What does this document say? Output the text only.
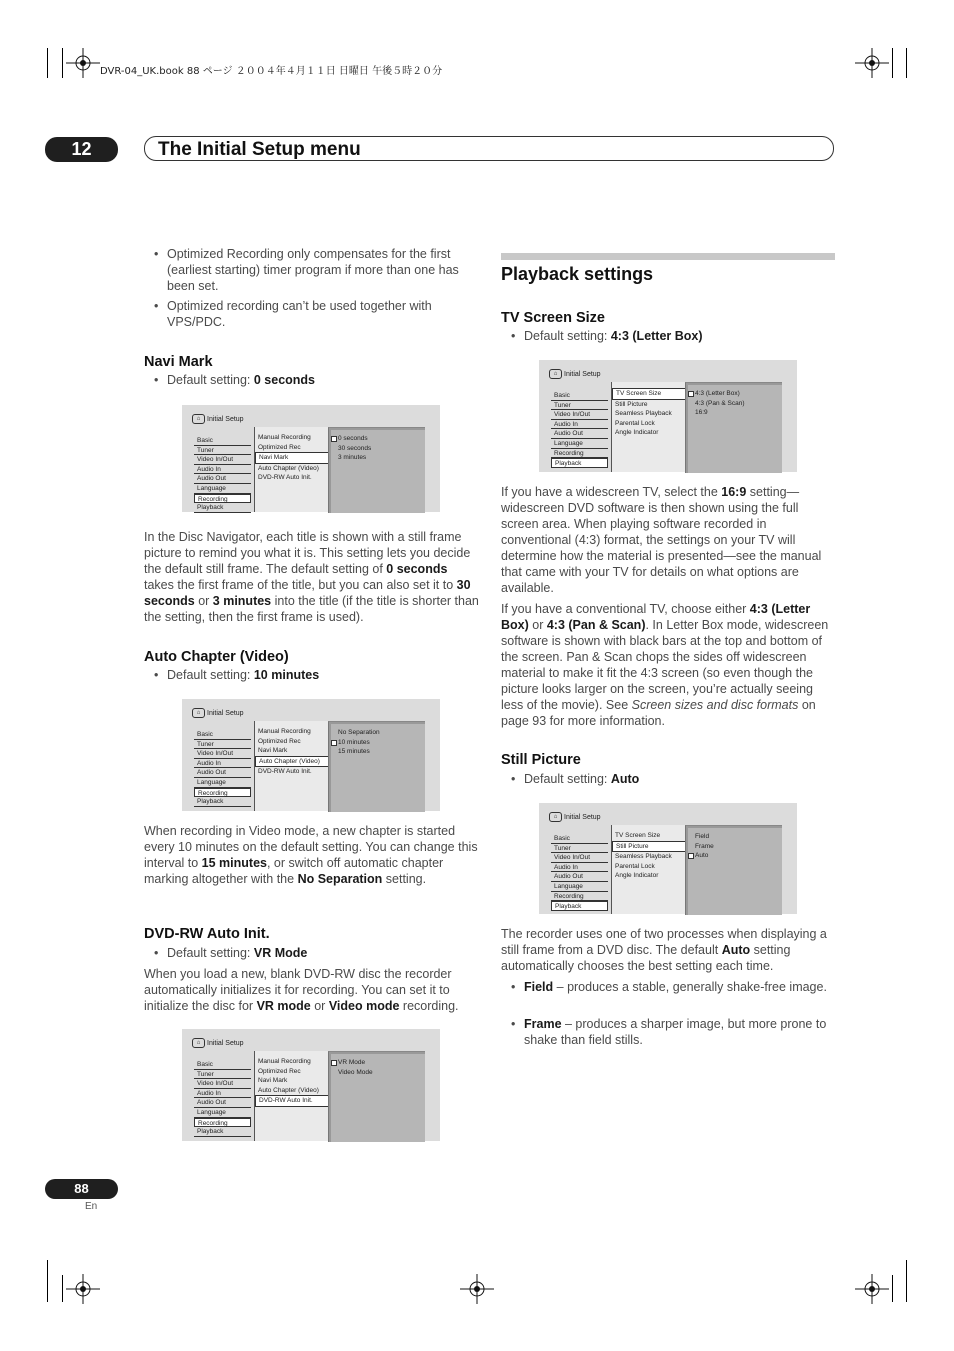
DVR-04_UK.book 88 ページ ２００４年４月１１日 日曜日 午後５時２０分
12	The Initial Setup menu
• Optimized Recording only compensates for the first (earliest starting) timer program if more than one has been set.
• Optimized recording can’t be used together with VPS/PDC.
Navi Mark
• Default setting: 0 seconds
⌂ Initial Setup
Basic
Tuner
Video In/Out
Audio In
Audio Out
Language
Recording
Playback
Manual Recording
Optimized Rec
Navi Mark
Auto Chapter (Video)
DVD-RW Auto Init.
0 seconds
30 seconds
3 minutes
In the Disc Navigator, each title is shown with a still frame picture to remind you what it is. This setting lets you decide the default still frame. The default setting of 0 seconds takes the first frame of the title, but you can also set it to 30 seconds or 3 minutes into the title (if the title is shorter than the setting, then the first frame is used).
Auto Chapter (Video)
• Default setting: 10 minutes
⌂ Initial Setup
Basic
Tuner
Video In/Out
Audio In
Audio Out
Language
Recording
Playback
Manual Recording
Optimized Rec
Navi Mark
Auto Chapter (Video)
DVD-RW Auto Init.
No Separation
10 minutes
15 minutes
When recording in Video mode, a new chapter is started every 10 minutes on the default setting. You can change this interval to 15 minutes, or switch off automatic chapter marking altogether with the No Separation setting.
DVD-RW Auto Init.
• Default setting: VR Mode
When you load a new, blank DVD-RW disc the recorder automatically initializes it for recording. You can set it to initialize the disc for VR mode or Video mode recording.
⌂ Initial Setup
Basic
Tuner
Video In/Out
Audio In
Audio Out
Language
Recording
Playback
Manual Recording
Optimized Rec
Navi Mark
Auto Chapter (Video)
DVD-RW Auto Init.
VR Mode
Video Mode
Playback settings
TV Screen Size
• Default setting: 4:3 (Letter Box)
⌂ Initial Setup
Basic
Tuner
Video In/Out
Audio In
Audio Out
Language
Recording
Playback
TV Screen Size
Still Picture
Seamless Playback
Parental Lock
Angle Indicator
4:3 (Letter Box)
4:3 (Pan & Scan)
16:9
If you have a widescreen TV, select the 16:9 setting—widescreen DVD software is then shown using the full screen area. When playing software recorded in conventional (4:3) format, the settings on your TV will determine how the material is presented—see the manual that came with your TV for details on what options are available.
If you have a conventional TV, choose either 4:3 (Letter Box) or 4:3 (Pan & Scan). In Letter Box mode, widescreen software is shown with black bars at the top and bottom of the screen. Pan & Scan chops the sides off widescreen material to make it fit the 4:3 screen (so even though the picture looks larger on the screen, you’re actually seeing less of the movie). See Screen sizes and disc formats on page 93 for more information.
Still Picture
• Default setting: Auto
⌂ Initial Setup
Basic
Tuner
Video In/Out
Audio In
Audio Out
Language
Recording
Playback
TV Screen Size
Still Picture
Seamless Playback
Parental Lock
Angle Indicator
Field
Frame
Auto
The recorder uses one of two processes when displaying a still frame from a DVD disc. The default Auto setting automatically chooses the best setting each time.
• Field – produces a stable, generally shake-free image.
• Frame – produces a sharper image, but more prone to shake than field stills.
88
En
